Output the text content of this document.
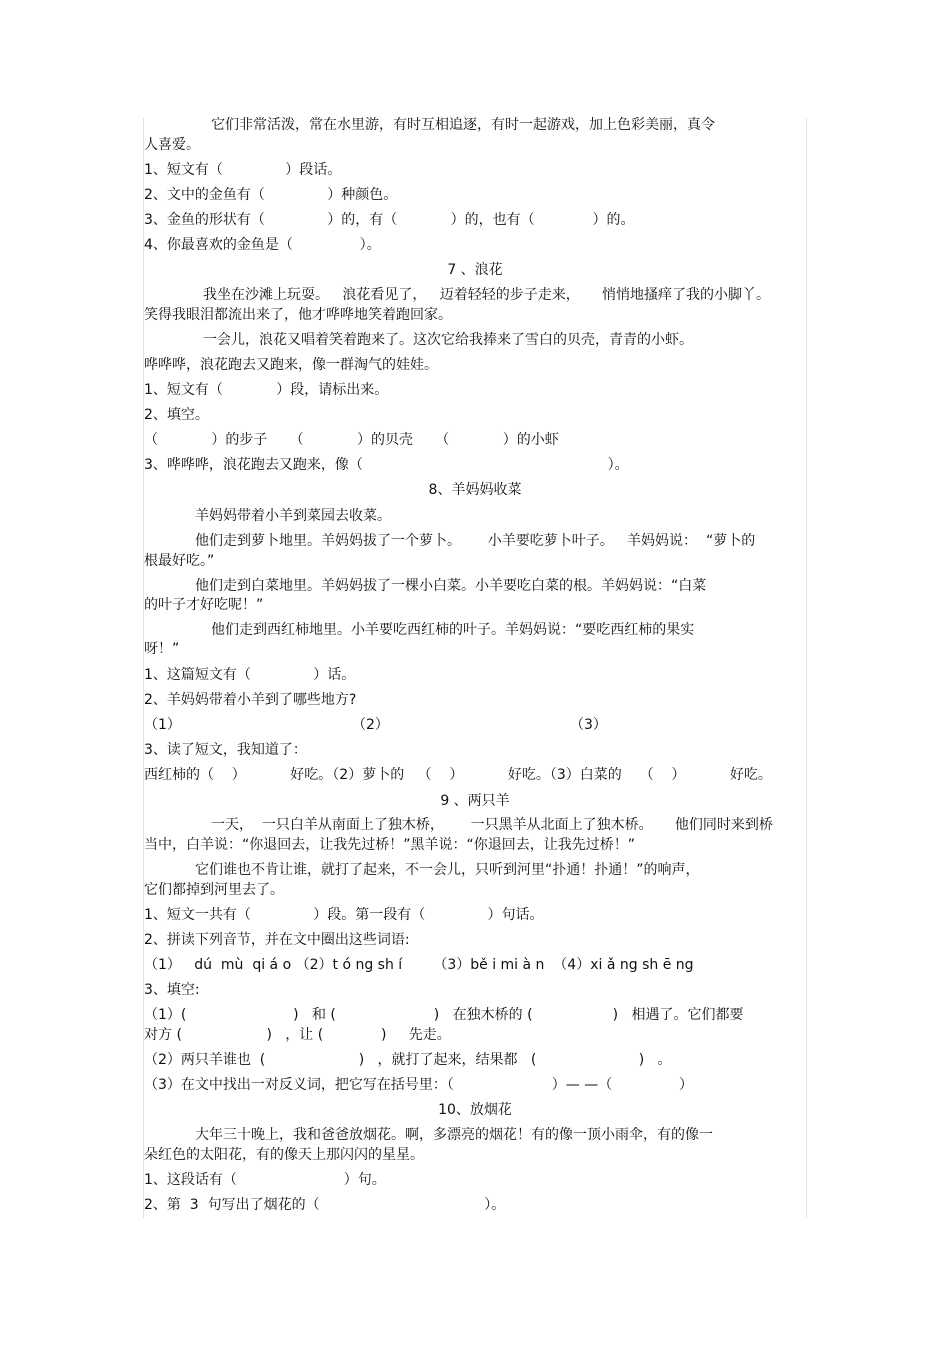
它们非常活泼，常在水里游，有时互相追逐，有时一起游戏，加上色彩美丽，真令
人喜爱。
1、短文有（              ）段话。
2、文中的金鱼有（              ）种颜色。
3、金鱼的形状有（              ）的，有（            ）的，也有（             ）的。
4、你最喜欢的金鱼是（               ）。
7 、浪花
我坐在沙滩上玩耍。   浪花看见了，   迈着轻轻的步子走来，     悄悄地搔痒了我的小脚丫。
笑得我眼泪都流出来了，他才哗哗地笑着跑回家。
一会儿，浪花又唱着笑着跑来了。这次它给我捧来了雪白的贝壳，青青的小虾。
哗哗哗，浪花跑去又跑来，像一群淘气的娃娃。
1、短文有（            ）段，请标出来。
2、填空。
（            ）的步子     （            ）的贝壳     （            ）的小虾
3、哗哗哗，浪花跑去又跑来，像（                                                       ）。
8、羊妈妈收菜
羊妈妈带着小羊到菜园去收菜。
他们走到萝卜地里。羊妈妈拔了一个萝卜。      小羊要吃萝卜叶子。   羊妈妈说：  “萝卜的
根最好吃。”
他们走到白菜地里。羊妈妈拔了一棵小白菜。小羊要吃白菜的根。羊妈妈说：“白菜
的叶子才好吃呢！”
他们走到西红柿地里。小羊要吃西红柿的叶子。羊妈妈说：“要吃西红柿的果实
呀！”
1、这篇短文有（              ）话。
2、羊妈妈带着小羊到了哪些地方?
（1）	（2）	（3）
3、读了短文，我知道了：
西红柿的（    ）          好吃。（2）萝卜的   （    ）          好吃。（3）白菜的    （    ）          好吃。
9 、两只羊
一天，  一只白羊从南面上了独木桥，      一只黑羊从北面上了独木桥。     他们同时来到桥
当中，白羊说：“你退回去，让我先过桥！”黑羊说：“你退回去，让我先过桥！”
它们谁也不肯让谁，就打了起来，不一会儿，只听到河里“扑通！扑通！”的响声，
它们都掉到河里去了。
1、短文一共有（              ）段。第一段有（              ）句话。
2、拼读下列音节，并在文中圈出这些词语:
（1）   dú  mù  qi á o （2）t ó ng sh í       （3）bě i mi à n  （4）xi ǎ ng sh ē ng
3、填空:
（1）(                        )   和 (                      )   在独木桥的 (                  )   相遇了。它们都要
对方 (                   )   ，让 (             )     先走。
（2）两只羊谁也  (                     )   ，就打了起来，结果都   (                       )   。
（3）在文中找出一对反义词，把它写在括号里：（                      ）— —（               ）
10、放烟花
大年三十晚上，我和爸爸放烟花。啊，多漂亮的烟花！有的像一顶小雨伞，有的像一
朵红色的太阳花，有的像天上那闪闪的星星。
1、这段话有（                        ）句。
2、第  3  句写出了烟花的（                                     ）。
